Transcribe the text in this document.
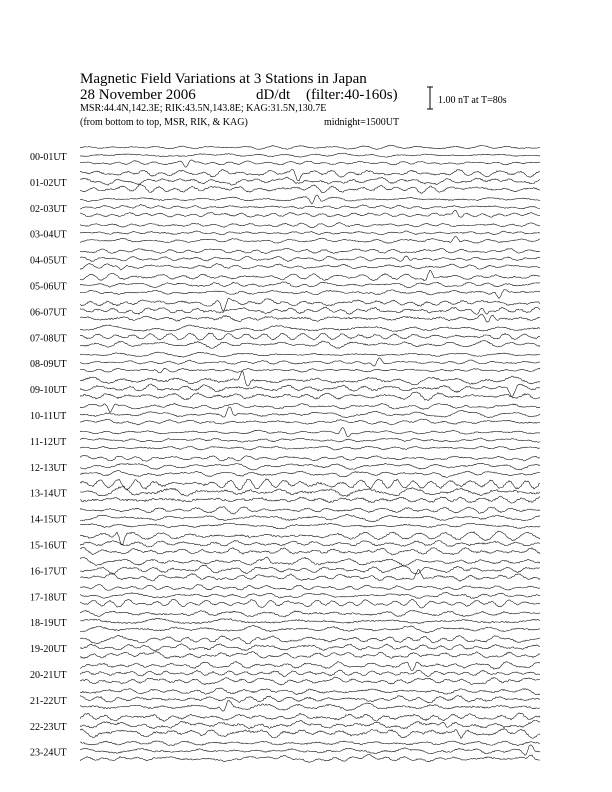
Magnetic Field Variations at 3 Stations in Japan
28 November 2006	dD/dt (filter:40-160s)
MSR:44.4N,142.3E; RIK:43.5N,143.8E; KAG:31.5N,130.7E
(from bottom to top, MSR, RIK, & KAG)	midnight=1500UT
1.00 nT at T=80s
00-01UT
01-02UT
02-03UT
03-04UT
04-05UT
05-06UT
06-07UT
07-08UT
08-09UT
09-10UT
10-11UT
11-12UT
12-13UT
13-14UT
14-15UT
15-16UT
16-17UT
17-18UT
18-19UT
19-20UT
20-21UT
21-22UT
22-23UT
23-24UT
